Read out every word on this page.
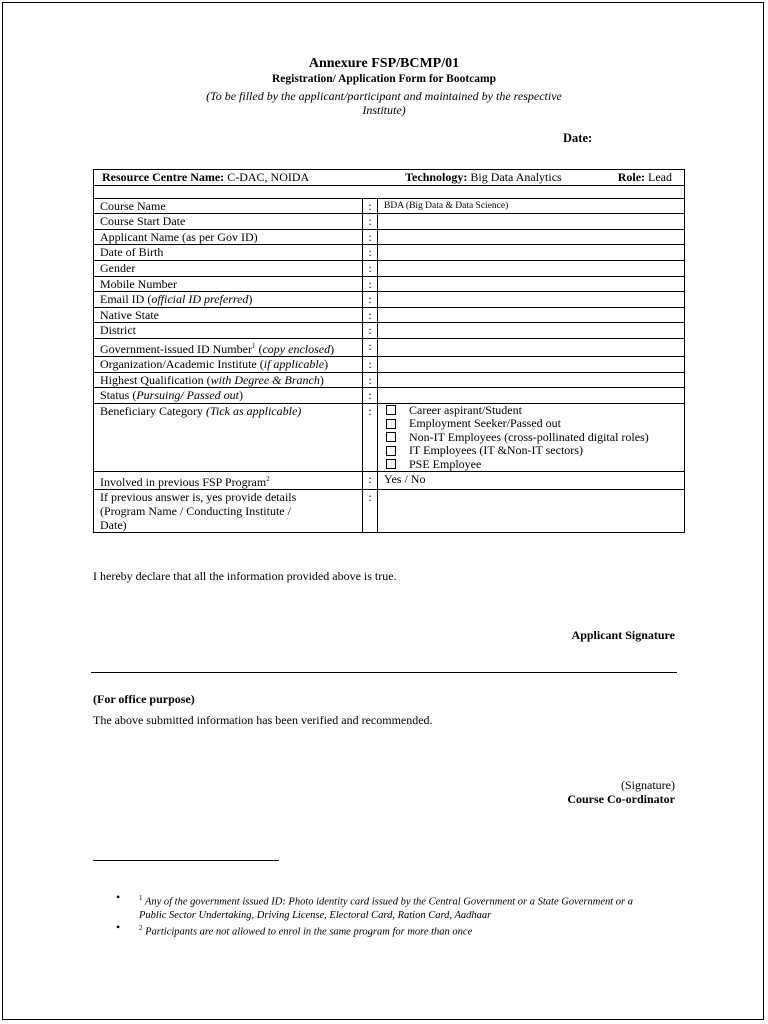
Annexure FSP/BCMP/01
Registration/ Application Form for Bootcamp
(To be filled by the applicant/participant and maintained by the respective
Institute)
Date:
Resource Centre Name: C-DAC, NOIDA Technology: Big Data Analytics Role: Lead		

Course Name	:	BDA (Big Data & Data Science)
Course Start Date	:	
Applicant Name (as per Gov ID)	:	
Date of Birth	:	
Gender	:	
Mobile Number	:	
Email ID (official ID preferred)	:	
Native State	:	
District	:	
Government-issued ID Number$^1$ (copy enclosed)	:	
Organization/Academic Institute (if applicable)	:	
Highest Qualification (with Degree & Branch)	:	
Status (Pursuing/ Passed out)	:	
Beneficiary Category (Tick as applicable)	:	Career aspirant/Student
Employment Seeker/Passed out
Non-IT Employees (cross-pollinated digital roles)
IT Employees (IT &Non-IT sectors)
PSE Employee

Involved in previous FSP Program$^2$	:	Yes / No

If previous answer is, yes provide details
(Program Name / Conducting Institute /
Date)	:	
I hereby declare that all the information provided above is true.
Applicant Signature
(For office purpose)
The above submitted information has been verified and recommended.
(Signature)
Course Co-ordinator
•	$^1$ Any of the government issued ID: Photo identity card issued by the Central Government or a State Government or a Public Sector Undertaking, Driving License, Electoral Card, Ration Card, Aadhaar
•	$^2$ Participants are not allowed to enrol in the same program for more than once
